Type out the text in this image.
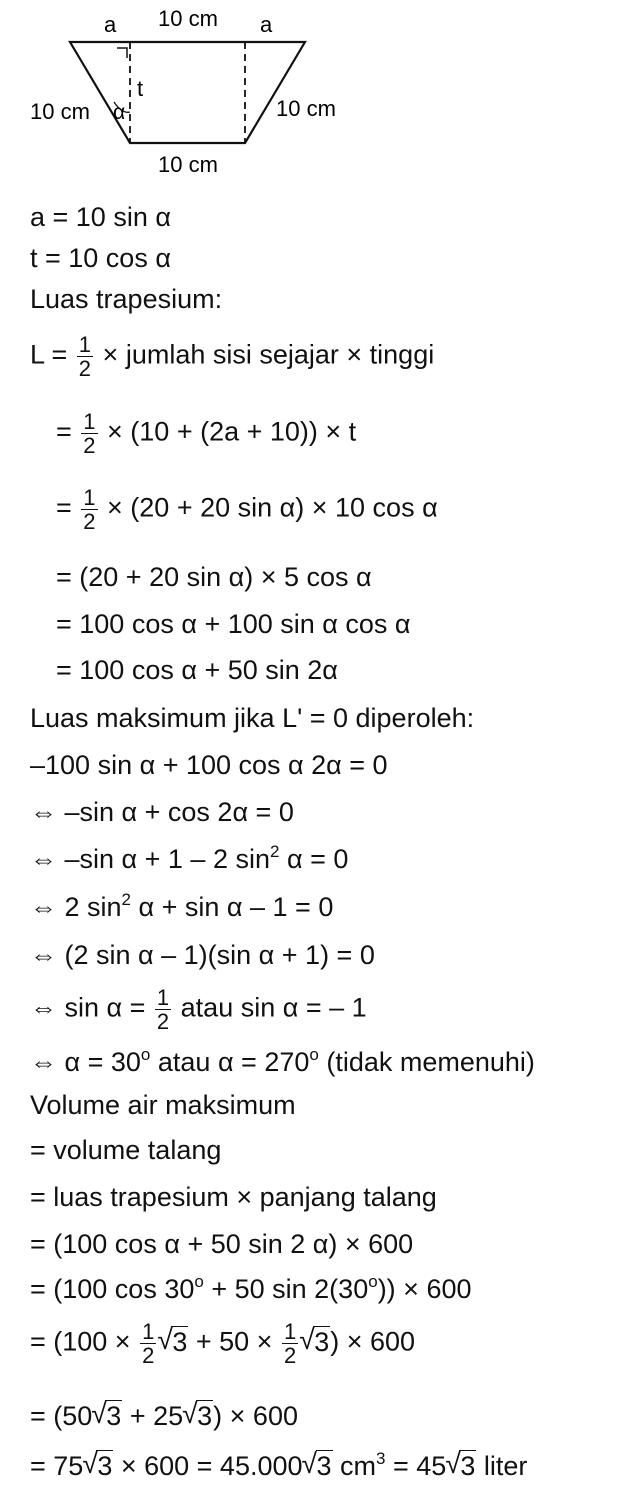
a 10 cm a
10 cm α
t
10 cm
10 cm
a = 10 sin α
t = 10 cos α
Luas trapesium:
$L = \frac{1}{2}$ × jumlah sisi sejajar × tinggi
= $\frac{1}{2} \times (10 + (2a + 10)) \times t$
= $\frac{1}{2} \times (20 + 20$ sin α) × 10 cos α
= (20 + 20 sin α) × 5 cos α
= 100 cos α + 100 sin α cos α
= 100 cos α + 50 sin 2α
Luas maksimum jika L' = 0 diperoleh:
–100 sin α + 100 cos α 2α = 0
⇔ –sin α + cos 2α = 0
⇔ –sin α + 1 – 2 $\sin^2 \alpha = 0$
⇔ 2 $\sin^2 \alpha + \sin \alpha - 1 = 0$
⇔ (2 sin α – 1)(sin α + 1) = 0
⇔ $\sin \alpha = \frac{1}{2}$ atau sin α = – 1
⇔ $\alpha = 30^o$ atau $\alpha = 270^o$ (tidak memenuhi)
Volume air maksimum
= volume talang
= luas trapesium × panjang talang
= (100 cos α + 50 sin 2 α) × 600
= (100 $\cos 30^o + 50$ $\sin 2(30^o)) \times 600$
= ($100 \times \frac{1}{2}$
√ $3 + 50 \times \frac{1}{2}$
√ 3) × 600
= (50√ 3 + 25√ 3) × 600
= 75√ 3 × 600 = 45.000√ 3 $cm^3 = 45√$ 3 liter
